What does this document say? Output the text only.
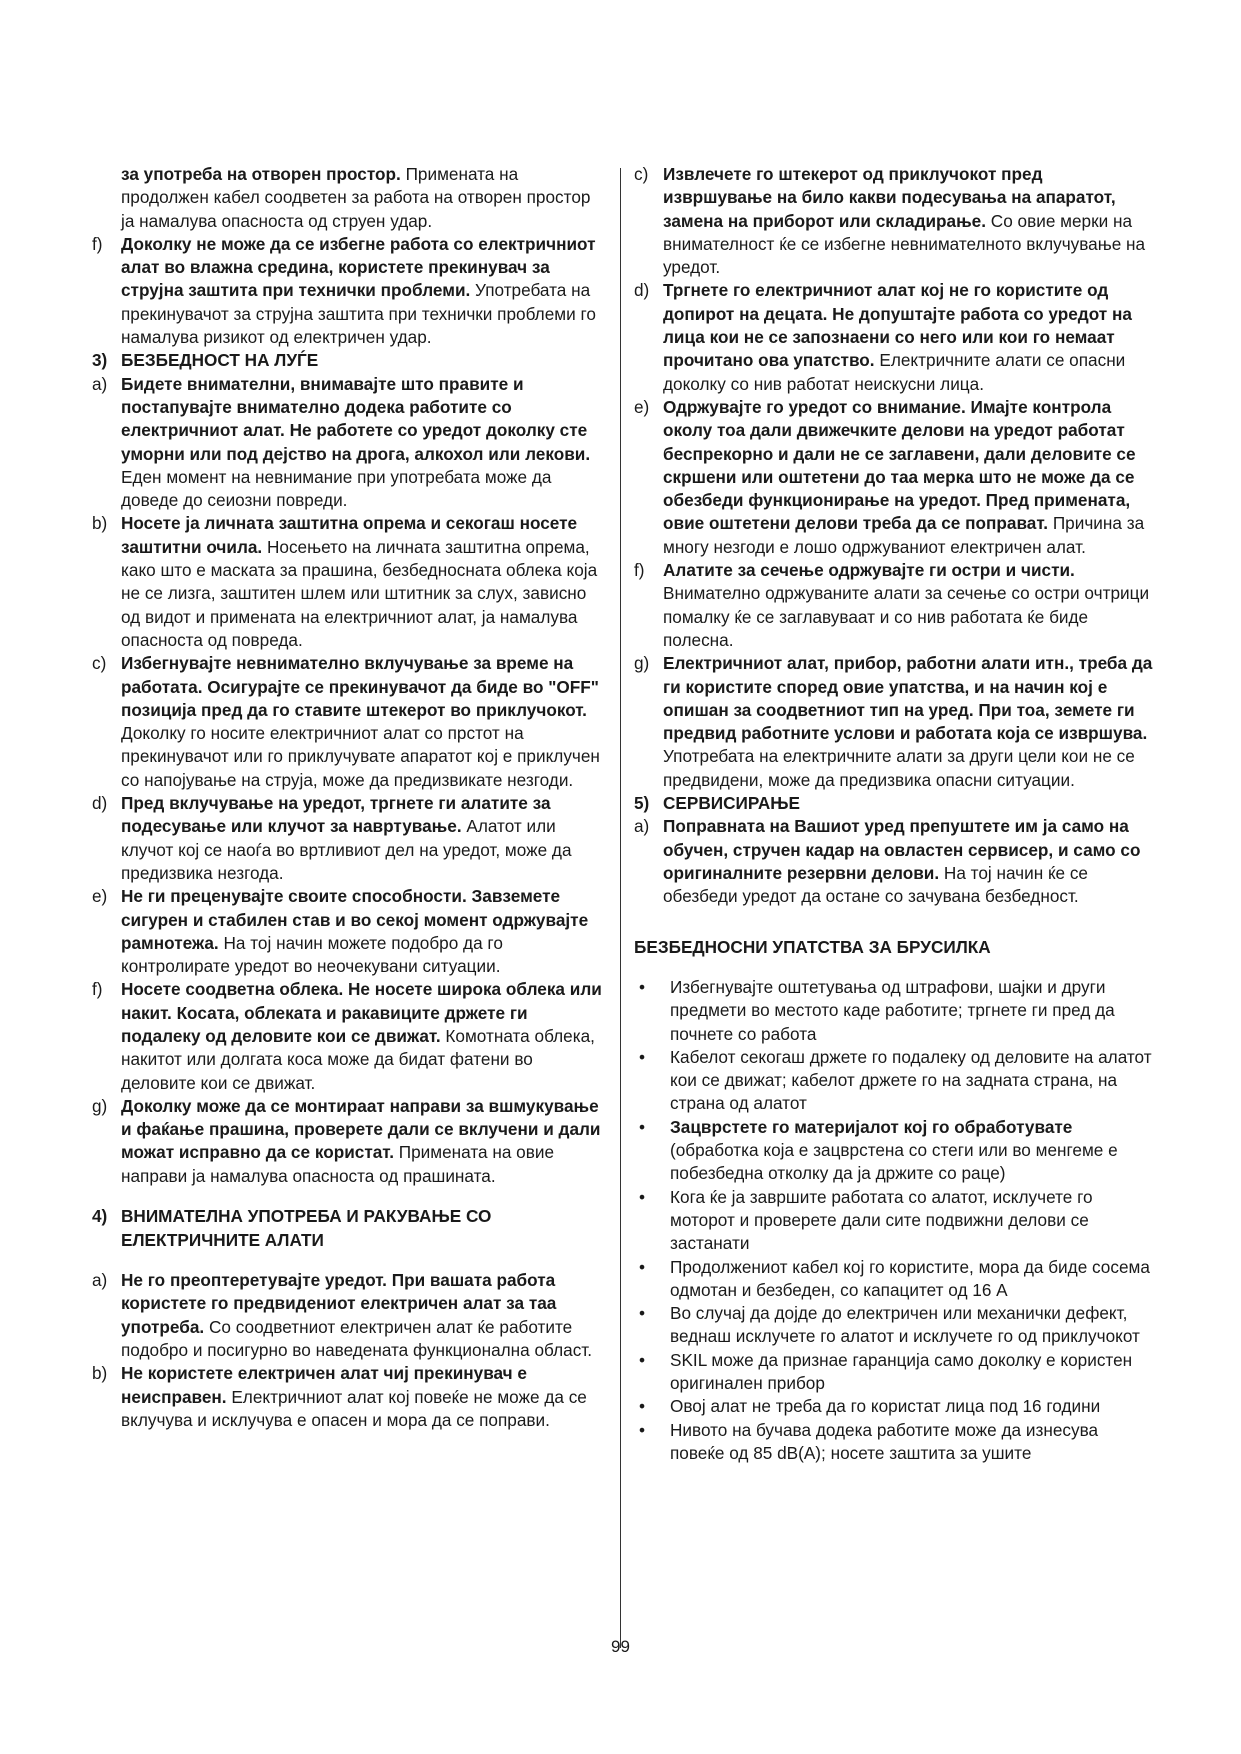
за употреба на отворен простор. Примената на продолжен кабел соодветен за работа на отворен простор ја намалува опасноста од струен удар.

f) Доколку не може да се избегне работа со електричниот алат во влажна средина, користете прекинувач за струјна заштита при технички проблеми. Употребата на прекинувачот за струјна заштита при технички проблеми го намалува ризикот од електричен удар.

3) БЕЗБЕДНОСТ НА ЛУЃЕ

a) Бидете внимателни, внимавајте што правите и постапувајте внимателно додека работите со електричниот алат. Не работете со уредот доколку сте уморни или под дејство на дрога, алкохол или лекови. Еден момент на невнимание при употребата може да доведе до сеиозни повреди.

b) Носете ја личната заштитна опрема и секогаш носете заштитни очила. Носењето на личната заштитна опрема, како што е маската за прашина, безбедносната облека која не се лизга, заштитен шлем или штитник за слух, зависно од видот и примената на електричниот алат, ја намалува опасноста од повреда.

c) Избегнувајте невнимателно вклучување за време на работата. Осигурајте се прекинувачот да биде во "OFF" позиција пред да го ставите штекерот во приклучокот. Доколку го носите електричниот алат со прстот на прекинувачот или го приклучувате апаратот кој е приклучен со напојување на струја, може да предизвикате незгоди.

d) Пред вклучување на уредот, тргнете ги алатите за подесување или клучот за навртување. Алатот или клучот кој се наоѓа во вртливиот дел на уредот, може да предизвика незгода.

e) Не ги преценувајте своите способности. Завземете сигурен и стабилен став и во секој момент одржувајте рамнотежа. На тој начин можете подобро да го контролирате уредот во неочекувани ситуации.

f) Носете соодветна облека. Не носете широка облека или накит. Косата, облеката и ракавиците држете ги подалеку од деловите кои се движат. Комотната облека, накитот или долгата коса може да бидат фатени во деловите кои се движат.

g) Доколку може да се монтираат направи за вшмукување и фаќање прашина, проверете дали се вклучени и дали можат исправно да се користат. Примената на овие направи ја намалува опасноста од прашината.

4) ВНИМАТЕЛНА УПОТРЕБА И РАКУВАЊЕ СО ЕЛЕКТРИЧНИТЕ АЛАТИ

a) Не го преоптеретувајте уредот. При вашата работа користете го предвидениот електричен алат за таа употреба. Со соодветниот електричен алат ќе работите подобро и посигурно во наведената функционална област.

b) Не користете електричен алат чиј прекинувач е неисправен. Електричниот алат кој повеќе не може да се вклучува и исклучува е опасен и мора да се поправи.

c) Извлечете го штекерот од приклучокот пред извршување на било какви подесувања на апаратот, замена на приборот или складирање. Со овие мерки на внимателност ќе се избегне невнимателното вклучување на уредот.

d) Тргнете го електричниот алат кој не го користите од допирот на децата. Не допуштајте работа со уредот на лица кои не се запознаени со него или кои го немаат прочитано ова упатство. Електричните алати се опасни доколку со нив работат неискусни лица.

e) Одржувајте го уредот со внимание. Имајте контрола околу тоа дали движечките делови на уредот работат беспрекорно и дали не се заглавени, дали деловите се скршени или оштетени до таа мерка што не може да се обезбеди функционирање на уредот. Пред примената, овие оштетени делови треба да се поправат. Причина за многу незгоди е лошо одржуваниот електричен алат.

f) Алатите за сечење одржувајте ги остри и чисти. Внимателно одржуваните алати за сечење со остри очтрици помалку ќе се заглавуваат и со нив работата ќе биде полесна.

g) Електричниот алат, прибор, работни алати итн., треба да ги користите според овие упатства, и на начин кој е опишан за соодветниот тип на уред. При тоа, земете ги предвид работните услови и работата која се извршува. Употребата на електричните алати за други цели кои не се предвидени, може да предизвика опасни ситуации.

5) СЕРВИСИРАЊЕ

a) Поправната на Вашиот уред препуштете им ја само на обучен, стручен кадар на овластен сервисер, и само со оригиналните резервни делови. На тој начин ќе се обезбеди уредот да остане со зачувана безбедност.

БЕЗБЕДНОСНИ УПАТСТВА ЗА БРУСИЛКА

• Избегнувајте оштетувања од штрафови, шајки и други предмети во местото каде работите; тргнете ги пред да почнете со работа

• Кабелот секогаш држете го подалеку од деловите на алатот кои се движат; кабелот држете го на задната страна, на страна од алатот

• Зацврстете го материјалот кој го обработувате (обработка која е зацврстена со стеги или во менгеме е побезбедна отколку да ја држите со раце)

• Кога ќе ја завршите работата со алатот, исклучете го моторот и проверете дали сите подвижни делови се застанати

• Продолжениот кабел кој го користите, мора да биде сосема одмотан и безбеден, со капацитет од 16 A

• Во случај да дојде до електричен или механички дефект, веднаш исклучете го алатот и исклучете го од приклучокот

• SKIL може да признае гаранција само доколку е користен оригинален прибор

• Овој алат не треба да го користат лица под 16 години

• Нивото на бучава додека работите може да изнесува повеќе од 85 dB(A); носете заштита за ушите

99
